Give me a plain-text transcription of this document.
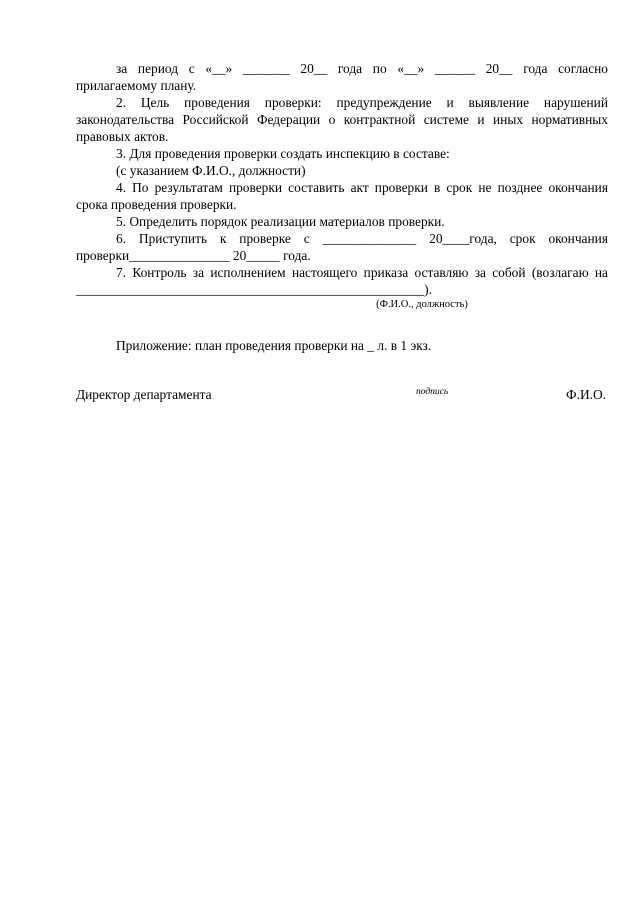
за период с «__» _______ 20__ года по «__» ______ 20__ года согласно

прилагаемому плану.

2. Цель проведения проверки: предупреждение и выявление нарушений законодательства Российской Федерации о контрактной системе и иных нормативных правовых актов.

3. Для проведения проверки создать инспекцию в составе:

(с указанием Ф.И.О., должности)

4. По результатам проверки составить акт проверки в срок не позднее окончания срока проведения проверки.

5. Определить порядок реализации материалов проверки.

6. Приступить к проверке с ______________ 20____года, срок окончания проверки_______________ 20_____ года.

7. Контроль за исполнением настоящего приказа оставляю за собой (возлагаю на ____________________________________________________).

(Ф.И.О., должность)

Приложение: план проведения проверки на _ л. в 1 экз.

Директор департамента	подпись	Ф.И.О.
